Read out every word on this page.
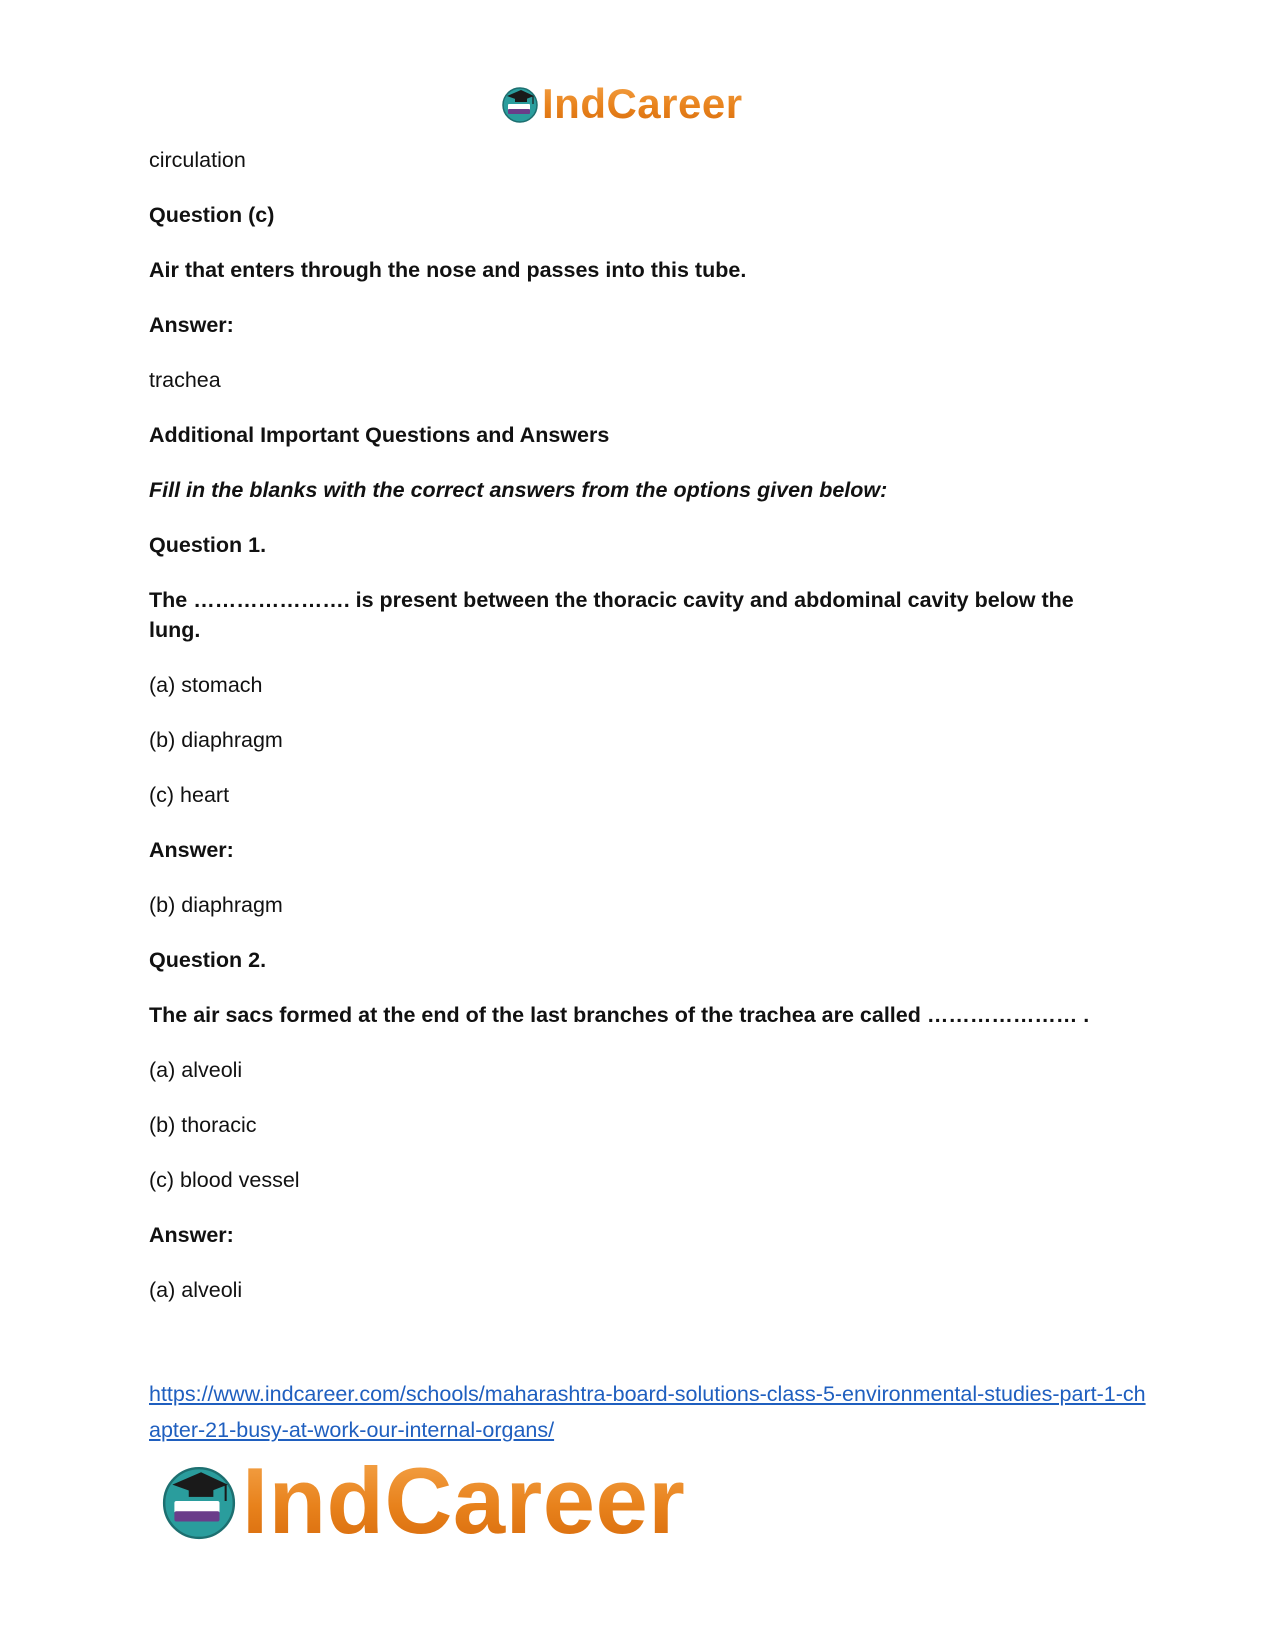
IndCareer
circulation
Question (c)
Air that enters through the nose and passes into this tube.
Answer:
trachea
Additional Important Questions and Answers
Fill in the blanks with the correct answers from the options given below:
Question 1.
The …………………. is present between the thoracic cavity and abdominal cavity below the lung.
(a) stomach
(b) diaphragm
(c) heart
Answer:
(b) diaphragm
Question 2.
The air sacs formed at the end of the last branches of the trachea are called ………………… .
(a) alveoli
(b) thoracic
(c) blood vessel
Answer:
(a) alveoli
https://www.indcareer.com/schools/maharashtra-board-solutions-class-5-environmental-studies-part-1-chapter-21-busy-at-work-our-internal-organs/
IndCareer
